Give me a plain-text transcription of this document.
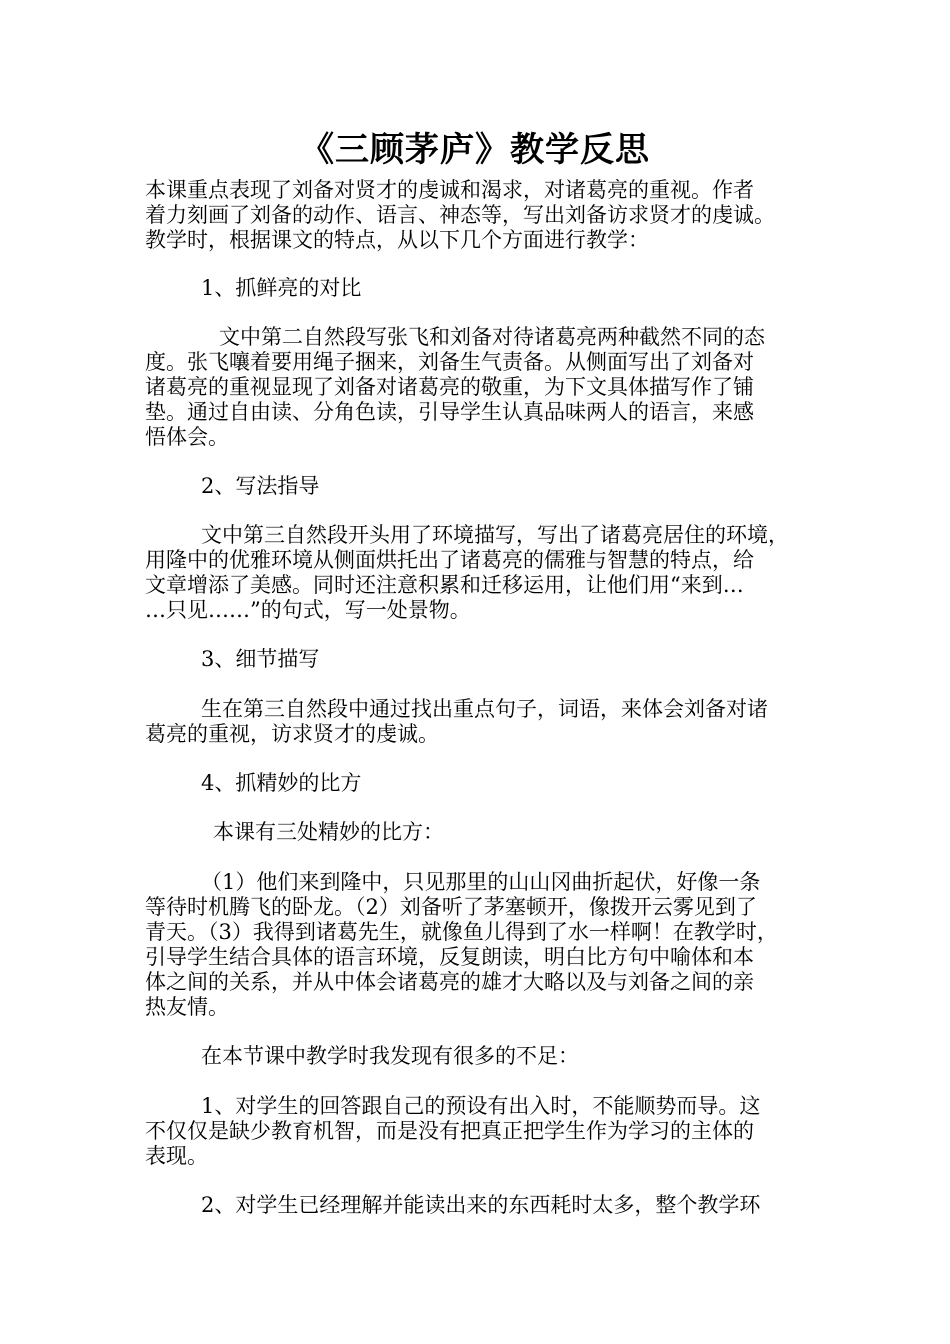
《三顾茅庐》教学反思
本课重点表现了刘备对贤才的虔诚和渴求，对诸葛亮的重视。作者
着力刻画了刘备的动作、语言、神态等，写出刘备访求贤才的虔诚。
教学时，根据课文的特点，从以下几个方面进行教学：
1、抓鲜亮的对比
文中第二自然段写张飞和刘备对待诸葛亮两种截然不同的态
度。张飞嚷着要用绳子捆来，刘备生气责备。从侧面写出了刘备对
诸葛亮的重视显现了刘备对诸葛亮的敬重，为下文具体描写作了铺
垫。通过自由读、分角色读，引导学生认真品味两人的语言，来感
悟体会。
2、写法指导
文中第三自然段开头用了环境描写，写出了诸葛亮居住的环境，
用隆中的优雅环境从侧面烘托出了诸葛亮的儒雅与智慧的特点，给
文章增添了美感。同时还注意积累和迁移运用，让他们用“来到…
…只见……”的句式，写一处景物。
3、细节描写
生在第三自然段中通过找出重点句子，词语，来体会刘备对诸
葛亮的重视，访求贤才的虔诚。
4、抓精妙的比方
本课有三处精妙的比方：
（1）他们来到隆中，只见那里的山山冈曲折起伏，好像一条
等待时机腾飞的卧龙。（2）刘备听了茅塞顿开，像拨开云雾见到了
青天。（3）我得到诸葛先生，就像鱼儿得到了水一样啊！在教学时，
引导学生结合具体的语言环境，反复朗读，明白比方句中喻体和本
体之间的关系，并从中体会诸葛亮的雄才大略以及与刘备之间的亲
热友情。
在本节课中教学时我发现有很多的不足：
1、对学生的回答跟自己的预设有出入时，不能顺势而导。这
不仅仅是缺少教育机智，而是没有把真正把学生作为学习的主体的
表现。
2、对学生已经理解并能读出来的东西耗时太多，整个教学环
